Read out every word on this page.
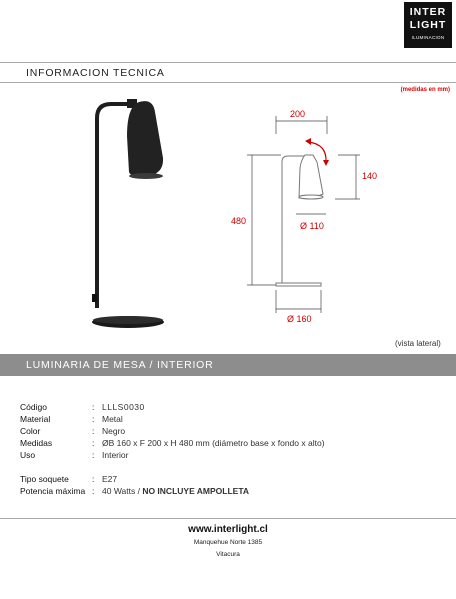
INTER
LIGHT
ILUMINACION
INFORMACION TECNICA
(medidas en mm)
200
140
480	Ø 110
Ø 160
(vista lateral)
LUMINARIA DE MESA / INTERIOR
Código	: LLLS0030
Material	: Metal
Color	: Negro
Medidas	: ØB 160 x F 200 x H 480 mm (diámetro base x fondo x alto)
Uso	: Interior
Tipo soquete	: E27
Potencia máxima : 40 Watts / NO INCLUYE AMPOLLETA
www.interlight.cl
Manquehue Norte 1385
Vitacura
